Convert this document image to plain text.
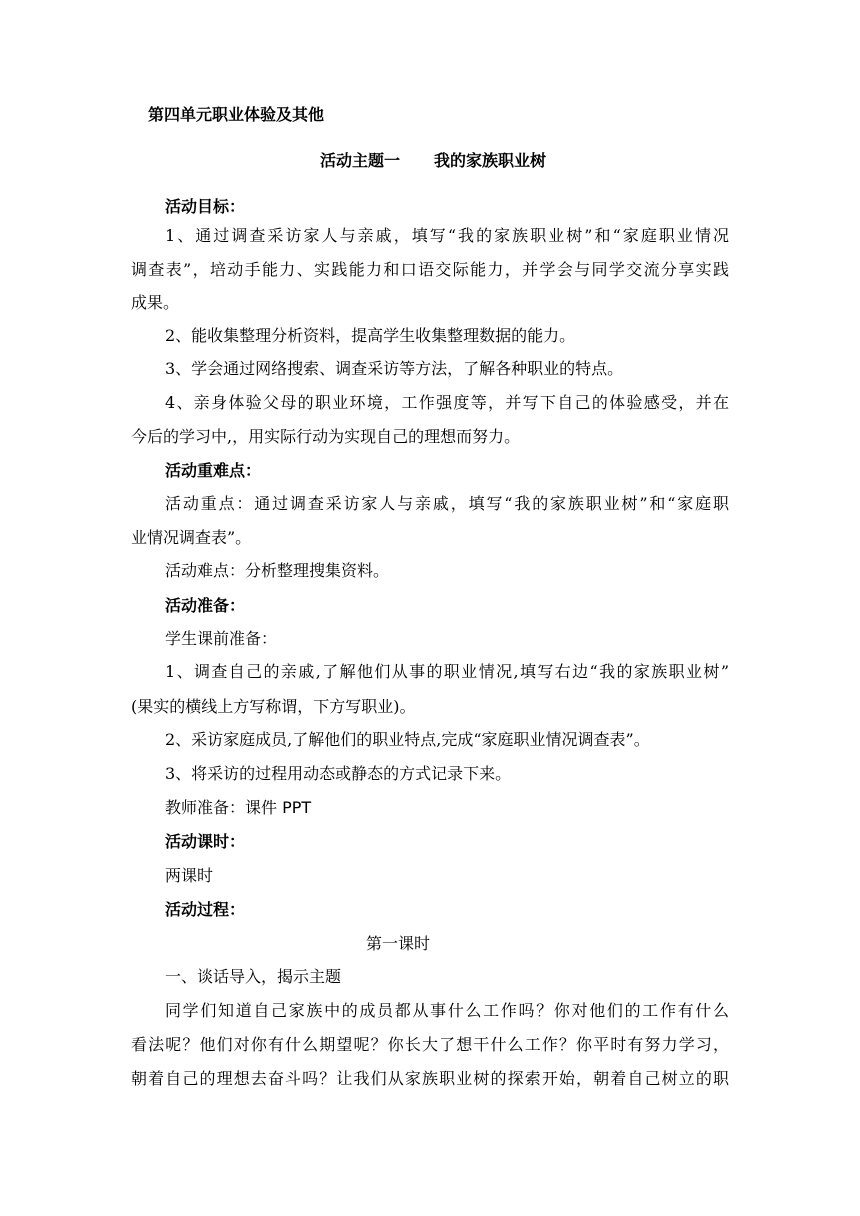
第四单元职业体验及其他
活动主题一 我的家族职业树
活动目标：
1、通过调查采访家人与亲戚，填写“我的家族职业树”和“家庭职业情况
调查表”，培动手能力、实践能力和口语交际能力，并学会与同学交流分享实践
成果。
2、能收集整理分析资料，提高学生收集整理数据的能力。
3、学会通过网络搜索、调查采访等方法，了解各种职业的特点。
4、亲身体验父母的职业环境，工作强度等，并写下自己的体验感受，并在
今后的学习中,，用实际行动为实现自己的理想而努力。
活动重难点：
活动重点：通过调查采访家人与亲戚，填写“我的家族职业树”和“家庭职
业情况调查表”。
活动难点：分析整理搜集资料。
活动准备：
学生课前准备：
1、调查自己的亲戚,了解他们从事的职业情况,填写右边“我的家族职业树”
(果实的横线上方写称谓，下方写职业)。
2、采访家庭成员,了解他们的职业特点,完成“家庭职业情况调查表”。
3、将采访的过程用动态或静态的方式记录下来。
教师准备：课件 PPT
活动课时：
两课时
活动过程：
第一课时
一、谈话导入，揭示主题
同学们知道自己家族中的成员都从事什么工作吗？你对他们的工作有什么
看法呢？他们对你有什么期望呢？你长大了想干什么工作？你平时有努力学习，
朝着自己的理想去奋斗吗？让我们从家族职业树的探索开始，朝着自己树立的职
